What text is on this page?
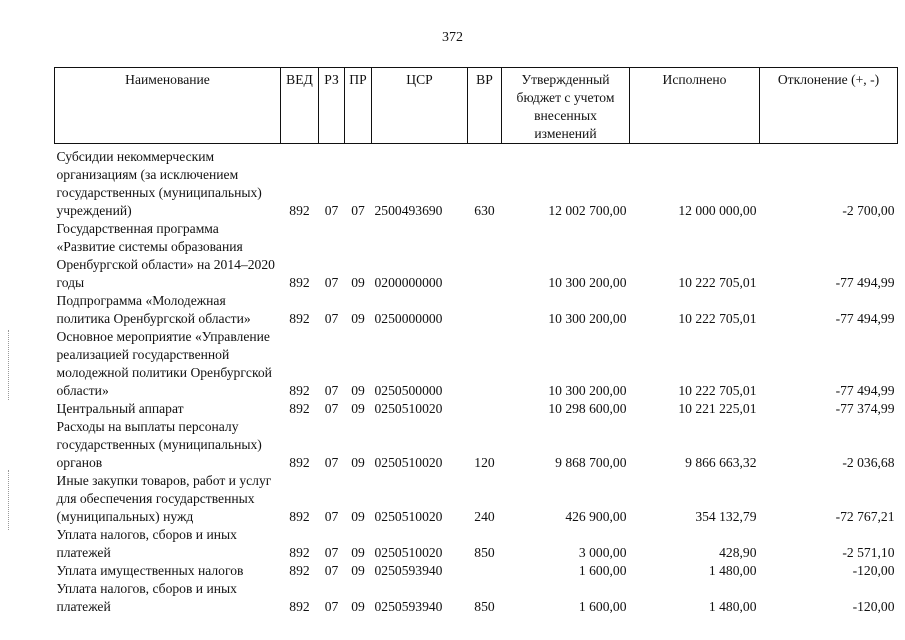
372
Наименование	ВЕД	РЗ	ПР	ЦСР	ВР	Утвержденный бюджет с учетом внесенных изменений	Исполнено	Отклонение (+, -)

Субсидии некоммерческим организациям (за исключением государственных (муниципальных) учреждений)	892	07	07	2500493690	630	12 002 700,00	12 000 000,00	-2 700,00
Государственная программа «Развитие системы образования Оренбургской области» на 2014–2020 годы	892	07	09	0200000000		10 300 200,00	10 222 705,01	-77 494,99
Подпрограмма «Молодежная политика Оренбургской области»	892	07	09	0250000000		10 300 200,00	10 222 705,01	-77 494,99
Основное мероприятие «Управление реализацией государственной молодежной политики Оренбургской области»	892	07	09	0250500000		10 300 200,00	10 222 705,01	-77 494,99
Центральный аппарат	892	07	09	0250510020		10 298 600,00	10 221 225,01	-77 374,99
Расходы на выплаты персоналу государственных (муниципальных) органов	892	07	09	0250510020	120	9 868 700,00	9 866 663,32	-2 036,68
Иные закупки товаров, работ и услуг для обеспечения государственных (муниципальных) нужд	892	07	09	0250510020	240	426 900,00	354 132,79	-72 767,21
Уплата налогов, сборов и иных платежей	892	07	09	0250510020	850	3 000,00	428,90	-2 571,10
Уплата имущественных налогов	892	07	09	0250593940		1 600,00	1 480,00	-120,00
Уплата налогов, сборов и иных платежей	892	07	09	0250593940	850	1 600,00	1 480,00	-120,00
